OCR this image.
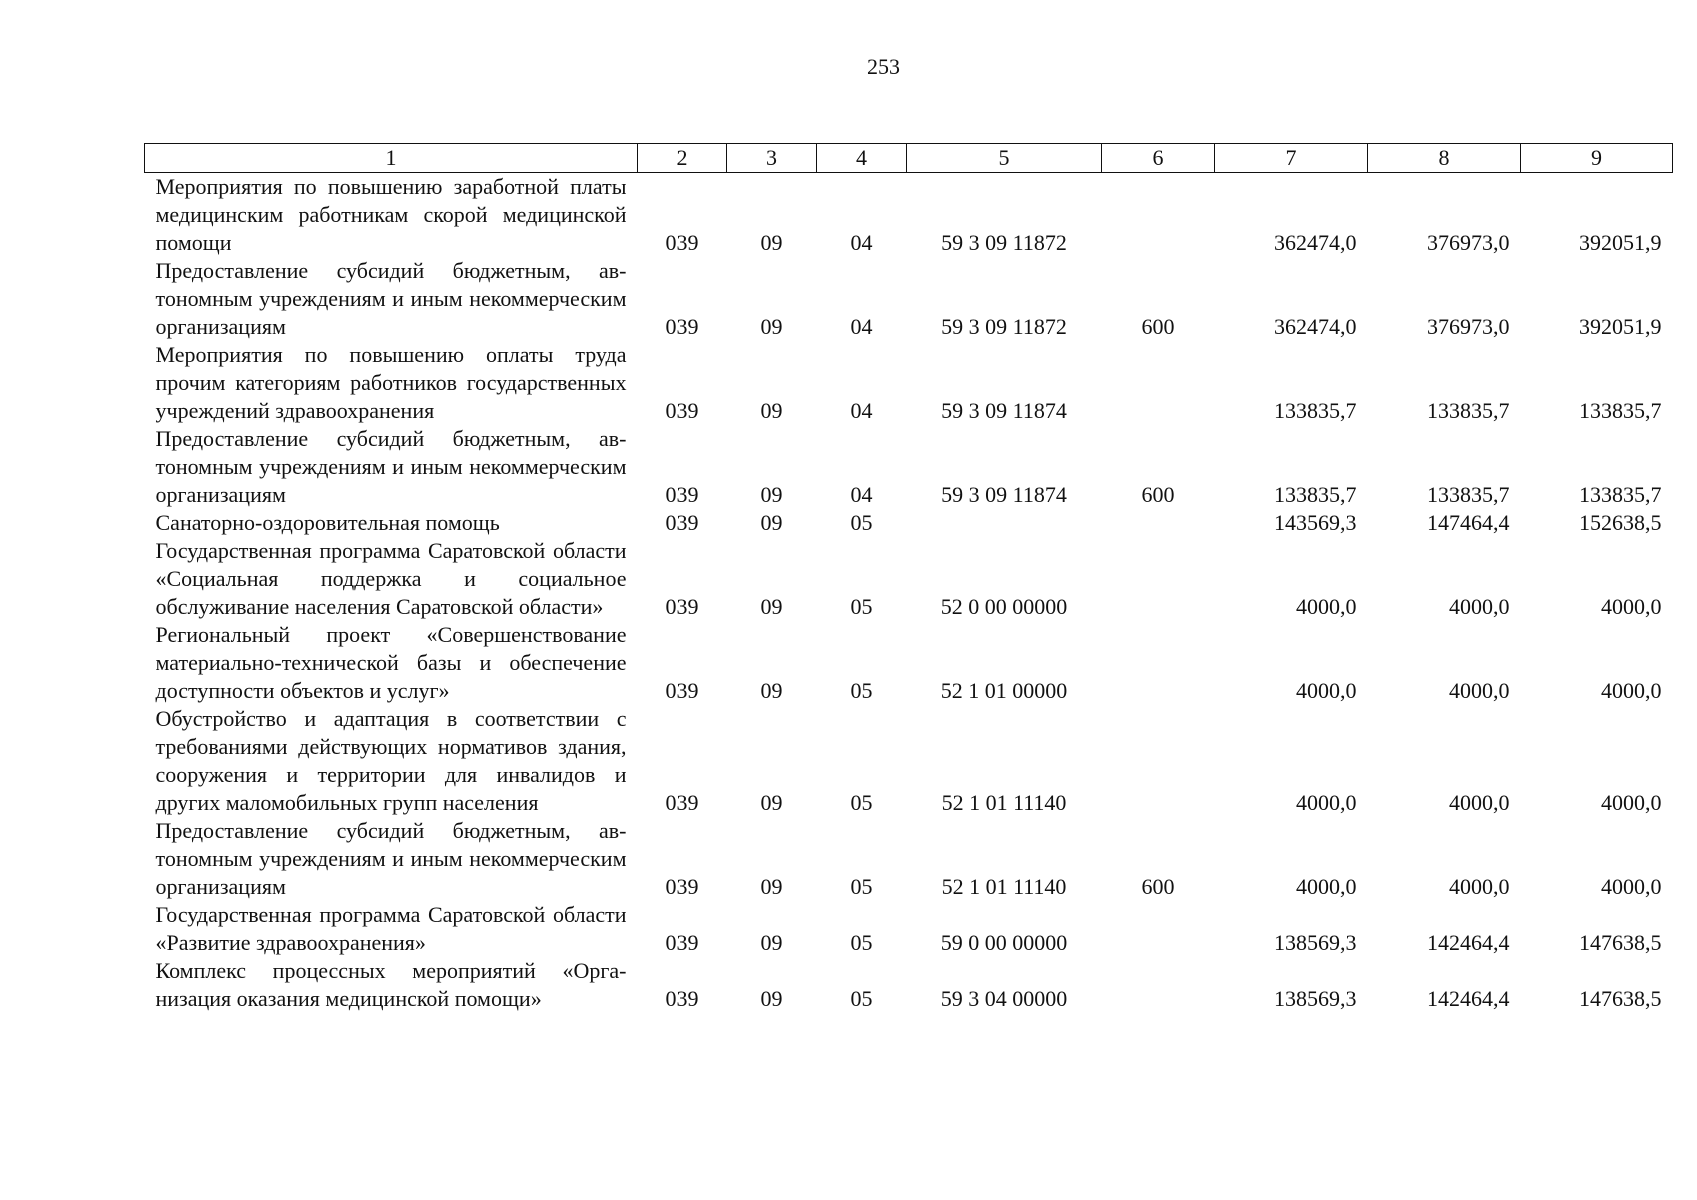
253
1	2	3	4	5	6	7	8	9
Мероприятия по повышению заработной платы медицинским работникам скорой медицинской помощи	039	09	04	59 3 09 11872		362474,0	376973,0	392051,9
Предоставление субсидий бюджетным, автономным учреждениям и иным некоммерческим организациям	039	09	04	59 3 09 11872	600	362474,0	376973,0	392051,9
Мероприятия по повышению оплаты труда прочим категориям работников государственных учреждений здравоохранения	039	09	04	59 3 09 11874		133835,7	133835,7	133835,7
Предоставление субсидий бюджетным, автономным учреждениям и иным некоммерческим организациям	039	09	04	59 3 09 11874	600	133835,7	133835,7	133835,7
Санаторно-оздоровительная помощь	039	09	05			143569,3	147464,4	152638,5
Государственная программа Саратовской области «Социальная поддержка и социальное обслуживание населения Саратовской области»	039	09	05	52 0 00 00000		4000,0	4000,0	4000,0
Региональный проект «Совершенствование материально-технической базы и обеспечение доступности объектов и услуг»	039	09	05	52 1 01 00000		4000,0	4000,0	4000,0
Обустройство и адаптация в соответствии с требованиями действующих нормативов здания, сооружения и территории для инвалидов и других маломобильных групп населения	039	09	05	52 1 01 11140		4000,0	4000,0	4000,0
Предоставление субсидий бюджетным, автономным учреждениям и иным некоммерческим организациям	039	09	05	52 1 01 11140	600	4000,0	4000,0	4000,0
Государственная программа Саратовской области «Развитие здравоохранения»	039	09	05	59 0 00 00000		138569,3	142464,4	147638,5
Комплекс процессных мероприятий «Организация оказания медицинской помощи»	039	09	05	59 3 04 00000		138569,3	142464,4	147638,5
